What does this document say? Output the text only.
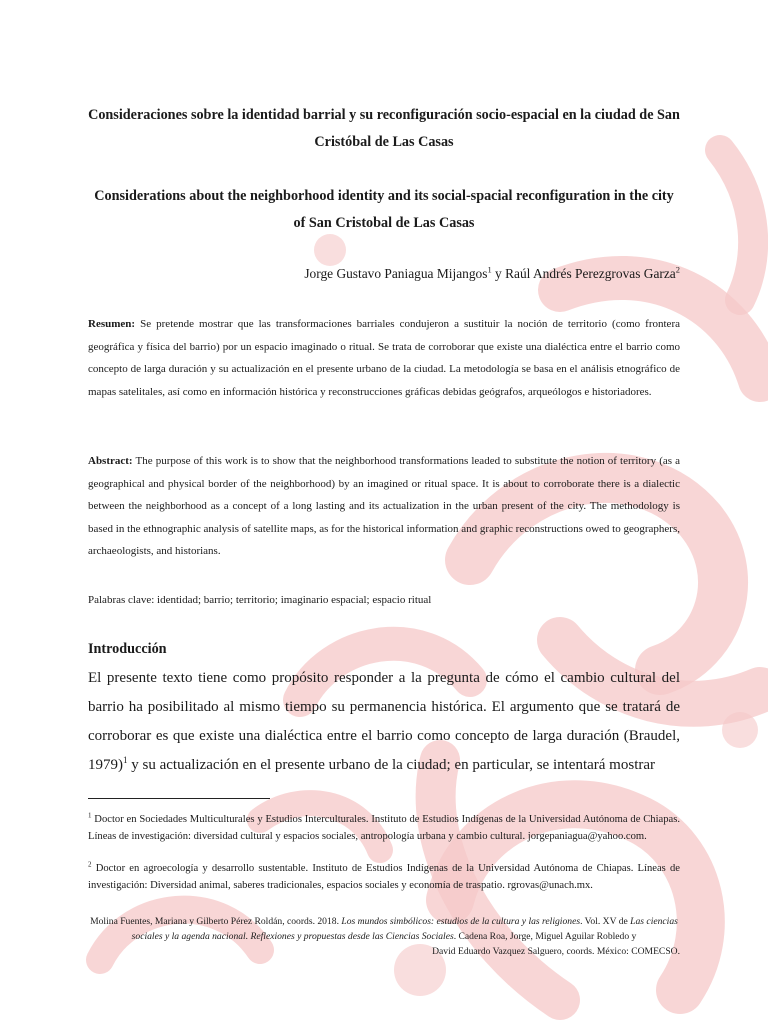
Consideraciones sobre la identidad barrial y su reconfiguración socio-espacial en la ciudad de San Cristóbal de Las Casas
Considerations about the neighborhood identity and its social-spacial reconfiguration in the city of San Cristobal de Las Casas
Jorge Gustavo Paniagua Mijangos$^1$ y Raúl Andrés Perezgrovas Garza$^2$

Resumen: Se pretende mostrar que las transformaciones barriales condujeron a sustituir la noción de territorio (como frontera geográfica y física del barrio) por un espacio imaginado o ritual. Se trata de corroborar que existe una dialéctica entre el barrio como concepto de larga duración y su actualización en el presente urbano de la ciudad. La metodología se basa en el análisis etnográfico de mapas satelitales, así como en información histórica y reconstrucciones gráficas debidas geógrafos, arqueólogos e historiadores.

Abstract: The purpose of this work is to show that the neighborhood transformations leaded to substitute the notion of territory (as a geographical and physical border of the neighborhood) by an imagined or ritual space. It is about to corroborate there is a dialectic between the neighborhood as a concept of a long lasting and its actualization in the urban present of the city. The methodology is based in the ethnographic analysis of satellite maps, as for the historical information and graphic reconstructions owed to geographers, archaeologists, and historians.

Palabras clave: identidad; barrio; territorio; imaginario espacial; espacio ritual

Introducción

El presente texto tiene como propósito responder a la pregunta de cómo el cambio cultural del barrio ha posibilitado al mismo tiempo su permanencia histórica. El argumento que se tratará de corroborar es que existe una dialéctica entre el barrio como concepto de larga duración (Braudel, 1979)$^1$ y su actualización en el presente urbano de la ciudad; en particular, se intentará mostrar

$^1$ Doctor en Sociedades Multiculturales y Estudios Interculturales. Instituto de Estudios Indígenas de la Universidad Autónoma de Chiapas. Líneas de investigación: diversidad cultural y espacios sociales, antropología urbana y cambio cultural. jorgepaniagua@yahoo.com.

$^2$ Doctor en agroecología y desarrollo sustentable. Instituto de Estudios Indígenas de la Universidad Autónoma de Chiapas. Líneas de investigación: Diversidad animal, saberes tradicionales, espacios sociales y economía de traspatio. rgrovas@unach.mx.

Molina Fuentes, Mariana y Gilberto Pérez Roldán, coords. 2018. Los mundos simbólicos: estudios de la cultura y las religiones. Vol. XV de Las ciencias sociales y la agenda nacional. Reflexiones y propuestas desde las Ciencias Sociales. Cadena Roa, Jorge, Miguel Aguilar Robledo y
David Eduardo Vazquez Salguero, coords. México: COMECSO.
